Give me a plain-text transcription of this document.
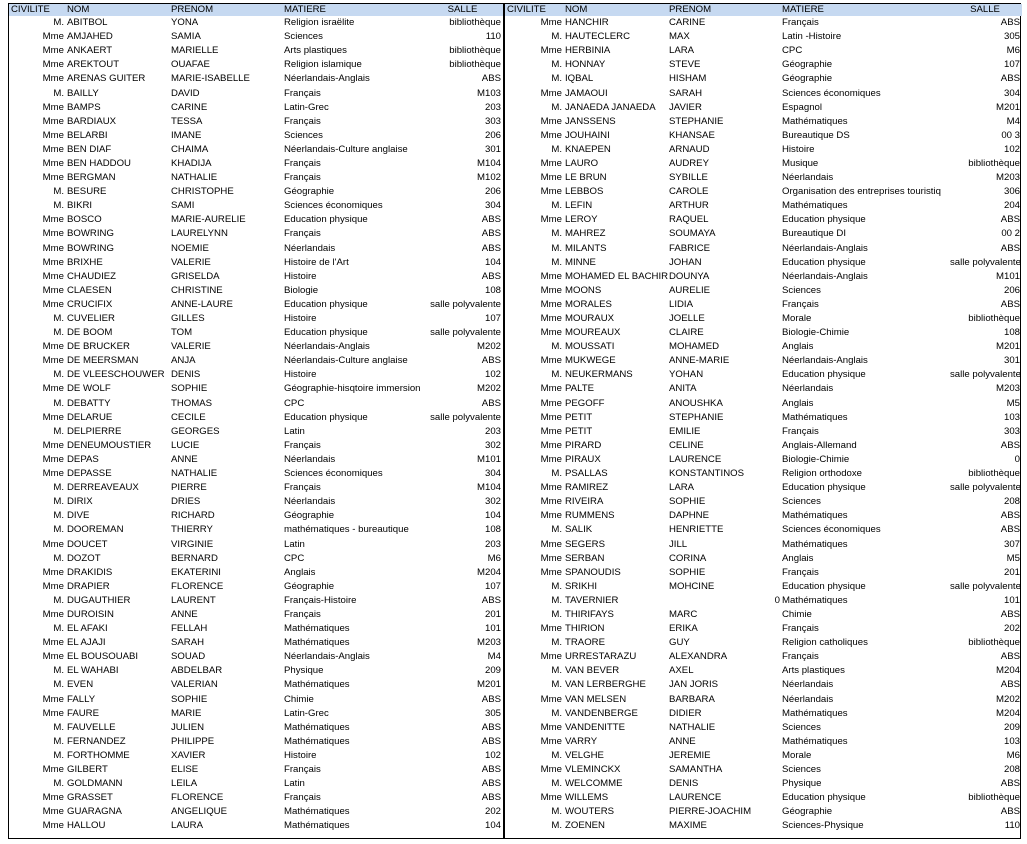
CIVILITE	NOM	PRENOM	MATIERE	SALLE
M.	ABITBOL	YONA	Religion israëlite	bibliothèque
Mme	AMJAHED	SAMIA	Sciences	110
Mme	ANKAERT	MARIELLE	Arts plastiques	bibliothèque
Mme	AREKTOUT	OUAFAE	Religion islamique	bibliothèque
Mme	ARENAS GUITER	MARIE-ISABELLE	Néerlandais-Anglais	ABS
M.	BAILLY	DAVID	Français	M103
Mme	BAMPS	CARINE	Latin-Grec	203
Mme	BARDIAUX	TESSA	Français	303
Mme	BELARBI	IMANE	Sciences	206
Mme	BEN DIAF	CHAIMA	Néerlandais-Culture anglaise	301
Mme	BEN HADDOU	KHADIJA	Français	M104
Mme	BERGMAN	NATHALIE	Français	M102
M.	BESURE	CHRISTOPHE	Géographie	206
M.	BIKRI	SAMI	Sciences économiques	304
Mme	BOSCO	MARIE-AURELIE	Education physique	ABS
Mme	BOWRING	LAURELYNN	Français	ABS
Mme	BOWRING	NOEMIE	Néerlandais	ABS
Mme	BRIXHE	VALERIE	Histoire de l'Art	104
Mme	CHAUDIEZ	GRISELDA	Histoire	ABS
Mme	CLAESEN	CHRISTINE	Biologie	108
Mme	CRUCIFIX	ANNE-LAURE	Education physique	salle polyvalente
M.	CUVELIER	GILLES	Histoire	107
M.	DE BOOM	TOM	Education physique	salle polyvalente
Mme	DE BRUCKER	VALERIE	Néerlandais-Anglais	M202
Mme	DE MEERSMAN	ANJA	Néerlandais-Culture anglaise	ABS
M.	DE VLEESCHOUWER	DENIS	Histoire	102
Mme	DE WOLF	SOPHIE	Géographie-hisqtoire immersion	M202
M.	DEBATTY	THOMAS	CPC	ABS
Mme	DELARUE	CECILE	Education physique	salle polyvalente
M.	DELPIERRE	GEORGES	Latin	203
Mme	DENEUMOUSTIER	LUCIE	Français	302
Mme	DEPAS	ANNE	Néerlandais	M101
Mme	DEPASSE	NATHALIE	Sciences économiques	304
M.	DERREAVEAUX	PIERRE	Français	M104
M.	DIRIX	DRIES	Néerlandais	302
M.	DIVE	RICHARD	Géographie	104
M.	DOOREMAN	THIERRY	mathématiques - bureautique	108
Mme	DOUCET	VIRGINIE	Latin	203
M.	DOZOT	BERNARD	CPC	M6
Mme	DRAKIDIS	EKATERINI	Anglais	M204
Mme	DRAPIER	FLORENCE	Géographie	107
M.	DUGAUTHIER	LAURENT	Français-Histoire	ABS
Mme	DUROISIN	ANNE	Français	201
M.	EL AFAKI	FELLAH	Mathématiques	101
Mme	EL AJAJI	SARAH	Mathématiques	M203
Mme	EL BOUSOUABI	SOUAD	Néerlandais-Anglais	M4
M.	EL WAHABI	ABDELBAR	Physique	209
M.	EVEN	VALERIAN	Mathématiques	M201
Mme	FALLY	SOPHIE	Chimie	ABS
Mme	FAURE	MARIE	Latin-Grec	305
M.	FAUVELLE	JULIEN	Mathématiques	ABS
M.	FERNANDEZ	PHILIPPE	Mathématiques	ABS
M.	FORTHOMME	XAVIER	Histoire	102
Mme	GILBERT	ELISE	Français	ABS
M.	GOLDMANN	LEILA	Latin	ABS
Mme	GRASSET	FLORENCE	Français	ABS
Mme	GUARAGNA	ANGELIQUE	Mathématiques	202
Mme	HALLOU	LAURA	Mathématiques	104
CIVILITE	NOM	PRENOM	MATIERE	SALLE
Mme	HANCHIR	CARINE	Français	ABS
M.	HAUTECLERC	MAX	Latin -Histoire	305
Mme	HERBINIA	LARA	CPC	M6
M.	HONNAY	STEVE	Géographie	107
M.	IQBAL	HISHAM	Géographie	ABS
Mme	JAMAOUI	SARAH	Sciences économiques	304
M.	JANAEDA JANAEDA	JAVIER	Espagnol	M201
Mme	JANSSENS	STEPHANIE	Mathématiques	M4
Mme	JOUHAINI	KHANSAE	Bureautique DS	00 3
M.	KNAEPEN	ARNAUD	Histoire	102
Mme	LAURO	AUDREY	Musique	bibliothèque
Mme	LE BRUN	SYBILLE	Néerlandais	M203
Mme	LEBBOS	CAROLE	Organisation des entreprises touristiq	306
M.	LEFIN	ARTHUR	Mathématiques	204
Mme	LEROY	RAQUEL	Education physique	ABS
M.	MAHREZ	SOUMAYA	Bureautique DI	00 2
M.	MILANTS	FABRICE	Néerlandais-Anglais	ABS
M.	MINNE	JOHAN	Education physique	salle polyvalente
Mme	MOHAMED EL BACHIR	DOUNYA	Néerlandais-Anglais	M101
Mme	MOONS	AURELIE	Sciences	206
Mme	MORALES	LIDIA	Français	ABS
Mme	MOURAUX	JOELLE	Morale	bibliothèque
Mme	MOUREAUX	CLAIRE	Biologie-Chimie	108
M.	MOUSSATI	MOHAMED	Anglais	M201
Mme	MUKWEGE	ANNE-MARIE	Néerlandais-Anglais	301
M.	NEUKERMANS	YOHAN	Education physique	salle polyvalente
Mme	PALTE	ANITA	Néerlandais	M203
Mme	PEGOFF	ANOUSHKA	Anglais	M5
Mme	PETIT	STEPHANIE	Mathématiques	103
Mme	PETIT	EMILIE	Français	303
Mme	PIRARD	CELINE	Anglais-Allemand	ABS
Mme	PIRAUX	LAURENCE	Biologie-Chimie	0
M.	PSALLAS	KONSTANTINOS	Religion orthodoxe	bibliothèque
Mme	RAMIREZ	LARA	Education physique	salle polyvalente
Mme	RIVEIRA	SOPHIE	Sciences	208
Mme	RUMMENS	DAPHNE	Mathématiques	ABS
M.	SALIK	HENRIETTE	Sciences économiques	ABS
Mme	SEGERS	JILL	Mathématiques	307
Mme	SERBAN	CORINA	Anglais	M5
Mme	SPANOUDIS	SOPHIE	Français	201
M.	SRIKHI	MOHCINE	Education physique	salle polyvalente
M.	TAVERNIER	0	Mathématiques	101
M.	THIRIFAYS	MARC	Chimie	ABS
Mme	THIRION	ERIKA	Français	202
M.	TRAORE	GUY	Religion catholiques	bibliothèque
Mme	URRESTARAZU	ALEXANDRA	Français	ABS
M.	VAN BEVER	AXEL	Arts plastiques	M204
M.	VAN LERBERGHE	JAN JORIS	Néerlandais	ABS
Mme	VAN MELSEN	BARBARA	Néerlandais	M202
M.	VANDENBERGE	DIDIER	Mathématiques	M204
Mme	VANDENITTE	NATHALIE	Sciences	209
Mme	VARRY	ANNE	Mathématiques	103
M.	VELGHE	JEREMIE	Morale	M6
Mme	VLEMINCKX	SAMANTHA	Sciences	208
M.	WELCOMME	DENIS	Physique	ABS
Mme	WILLEMS	LAURENCE	Education physique	bibliothèque
M.	WOUTERS	PIERRE-JOACHIM	Géographie	ABS
M.	ZOENEN	MAXIME	Sciences-Physique	110
